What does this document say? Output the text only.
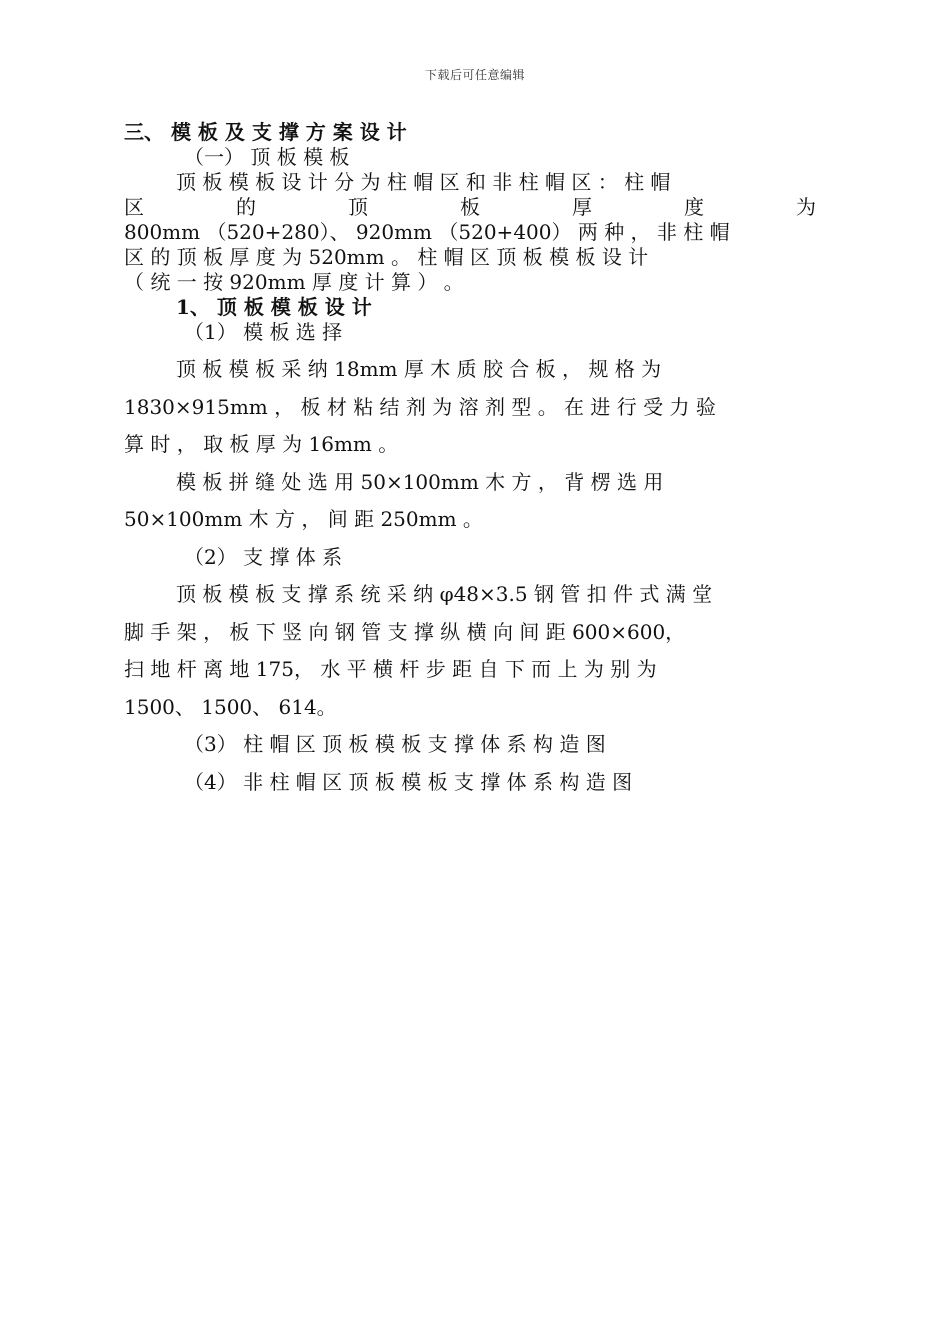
下载后可任意编辑

三、 模 板 及 支 撑 方 案 设 计

（一） 顶 板 模 板

顶 板 模 板 设 计 分 为 柱 帽 区 和 非 柱 帽 区 ： 柱 帽

区	的	顶	板	厚	度	为

800mm （520+280）、 920mm （520+400） 两 种 ， 非 柱 帽

区 的 顶 板 厚 度 为 520mm 。 柱 帽 区 顶 板 模 板 设 计

（ 统 一 按 920mm 厚 度 计 算 ） 。

1、 顶 板 模 板 设 计

（1） 模 板 选 择

顶 板 模 板 采 纳 18mm 厚 木 质 胶 合 板 ， 规 格 为

1830×915mm ， 板 材 粘 结 剂 为 溶 剂 型 。 在 进 行 受 力 验

算 时 ， 取 板 厚 为 16mm 。

模 板 拼 缝 处 选 用 50×100mm 木 方 ， 背 楞 选 用

50×100mm 木 方 ， 间 距 250mm 。

（2） 支 撑 体 系

顶 板 模 板 支 撑 系 统 采 纳 φ48×3.5 钢 管 扣 件 式 满 堂

脚 手 架 ， 板 下 竖 向 钢 管 支 撑 纵 横 向 间 距 600×600，

扫 地 杆 离 地 175， 水 平 横 杆 步 距 自 下 而 上 为 别 为

1500、 1500、 614。

（3） 柱 帽 区 顶 板 模 板 支 撑 体 系 构 造 图

（4） 非 柱 帽 区 顶 板 模 板 支 撑 体 系 构 造 图
